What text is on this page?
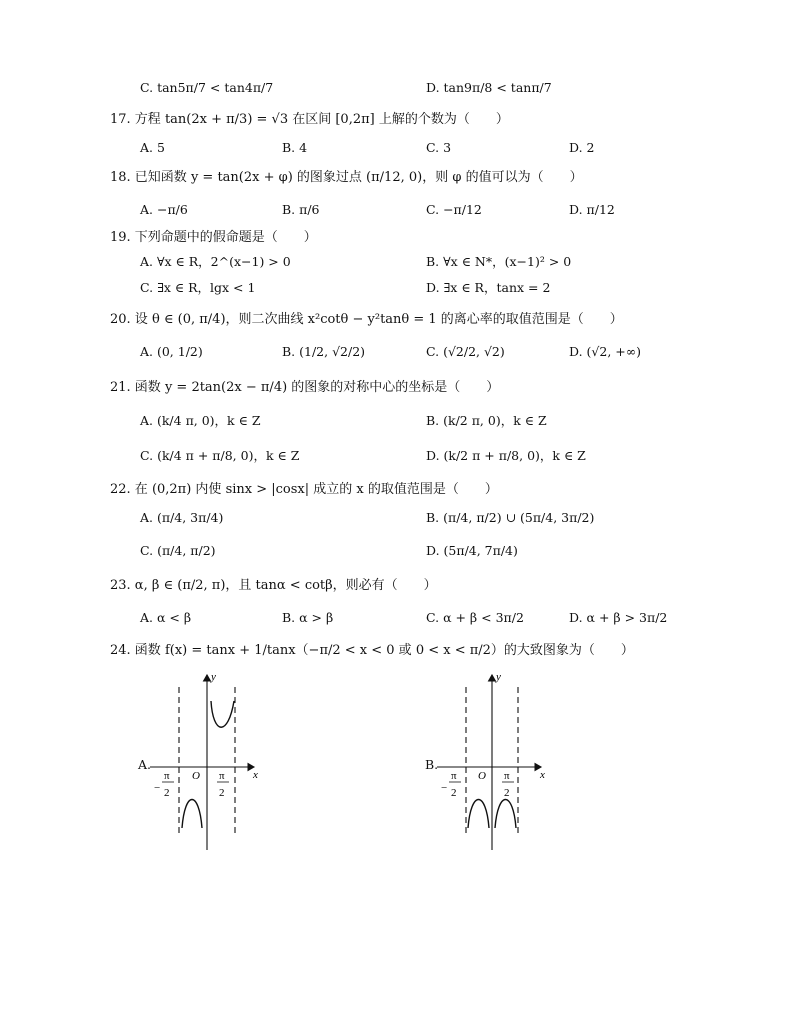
C. tan5π/7 < tan4π/7	D. tan9π/8 < tanπ/7
17. 方程 tan(2x + π/3) = √3 在区间 [0,2π] 上解的个数为（　　）
A. 5	B. 4	C. 3	D. 2
18. 已知函数 y = tan(2x + φ) 的图象过点 (π/12, 0)，则 φ 的值可以为（　　）
A. −π/6	B. π/6	C. −π/12	D. π/12
19. 下列命题中的假命题是（　　）
A. ∀x ∈ R，2^(x−1) > 0	B. ∀x ∈ N*，(x−1)² > 0
C. ∃x ∈ R，lgx < 1	D. ∃x ∈ R，tanx = 2
20. 设 θ ∈ (0, π/4)，则二次曲线 x²cotθ − y²tanθ = 1 的离心率的取值范围是（　　）
A. (0, 1/2)	B. (1/2, √2/2)	C. (√2/2, √2)	D. (√2, +∞)
21. 函数 y = 2tan(2x − π/4) 的图象的对称中心的坐标是（　　）
A. (k/4 π, 0)，k ∈ Z	B. (k/2 π, 0)，k ∈ Z
C. (k/4 π + π/8, 0)，k ∈ Z	D. (k/2 π + π/8, 0)，k ∈ Z
22. 在 (0,2π) 内使 sinx > |cosx| 成立的 x 的取值范围是（　　）
A. (π/4, 3π/4)	B. (π/4, π/2) ∪ (5π/4, 3π/2)
C. (π/4, π/2)	D. (5π/4, 7π/4)
23. α, β ∈ (π/2, π)，且 tanα < cotβ，则必有（　　）
A. α < β	B. α > β	C. α + β < 3π/2	D. α + β > 3π/2
24. 函数 f(x) = tanx + 1/tanx（−π/2 < x < 0 或 0 < x < π/2）的大致图象为（　　）
A.
y
x
O
−
π
2
π
2
B.
y
x
O
−
π
2
π
2
